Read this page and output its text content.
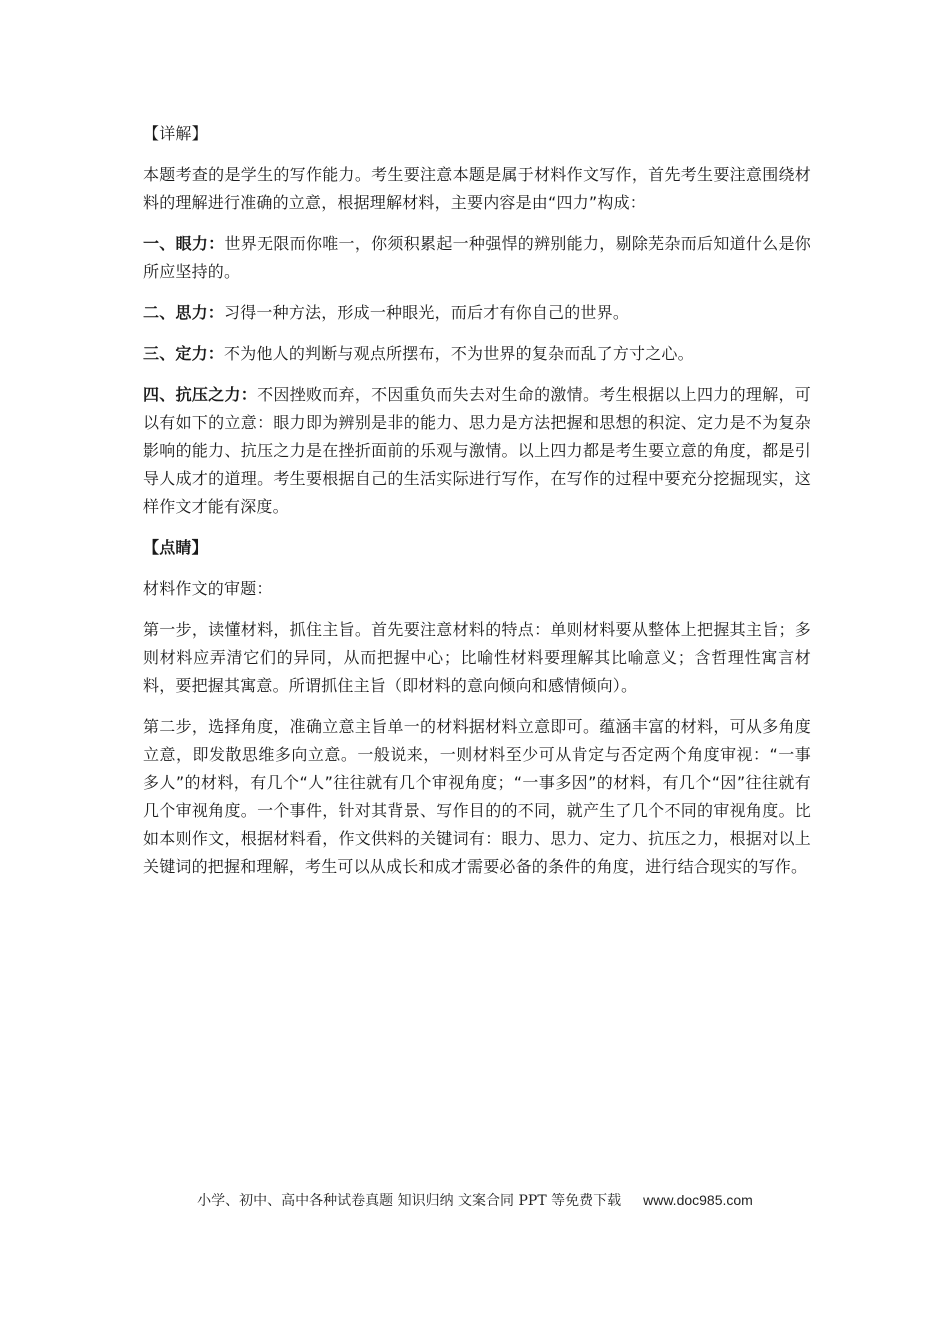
【详解】

本题考查的是学生的写作能力。考生要注意本题是属于材料作文写作，首先考生要注意围绕材料的理解进行准确的立意，根据理解材料，主要内容是由“四力”构成：

一、眼力：世界无限而你唯一，你须积累起一种强悍的辨别能力，剔除芜杂而后知道什么是你所应坚持的。

二、思力：习得一种方法，形成一种眼光，而后才有你自己的世界。

三、定力：不为他人的判断与观点所摆布，不为世界的复杂而乱了方寸之心。

四、抗压之力：不因挫败而弃，不因重负而失去对生命的激情。考生根据以上四力的理解，可以有如下的立意：眼力即为辨别是非的能力、思力是方法把握和思想的积淀、定力是不为复杂影响的能力、抗压之力是在挫折面前的乐观与激情。以上四力都是考生要立意的角度，都是引导人成才的道理。考生要根据自己的生活实际进行写作，在写作的过程中要充分挖掘现实，这样作文才能有深度。

【点睛】

材料作文的审题：

第一步，读懂材料，抓住主旨。首先要注意材料的特点：单则材料要从整体上把握其主旨；多则材料应弄清它们的异同，从而把握中心；比喻性材料要理解其比喻意义；含哲理性寓言材料，要把握其寓意。所谓抓住主旨（即材料的意向倾向和感情倾向）。

第二步，选择角度，准确立意主旨单一的材料据材料立意即可。蕴涵丰富的材料，可从多角度立意，即发散思维多向立意。一般说来，一则材料至少可从肯定与否定两个角度审视：“一事多人”的材料，有几个“人”往往就有几个审视角度；“一事多因”的材料，有几个“因”往往就有几个审视角度。一个事件，针对其背景、写作目的的不同，就产生了几个不同的审视角度。比如本则作文，根据材料看，作文供料的关键词有：眼力、思力、定力、抗压之力，根据对以上关键词的把握和理解，考生可以从成长和成才需要必备的条件的角度，进行结合现实的写作。

小学、初中、高中各种试卷真题 知识归纳 文案合同 PPT 等免费下载 www.doc985.com
